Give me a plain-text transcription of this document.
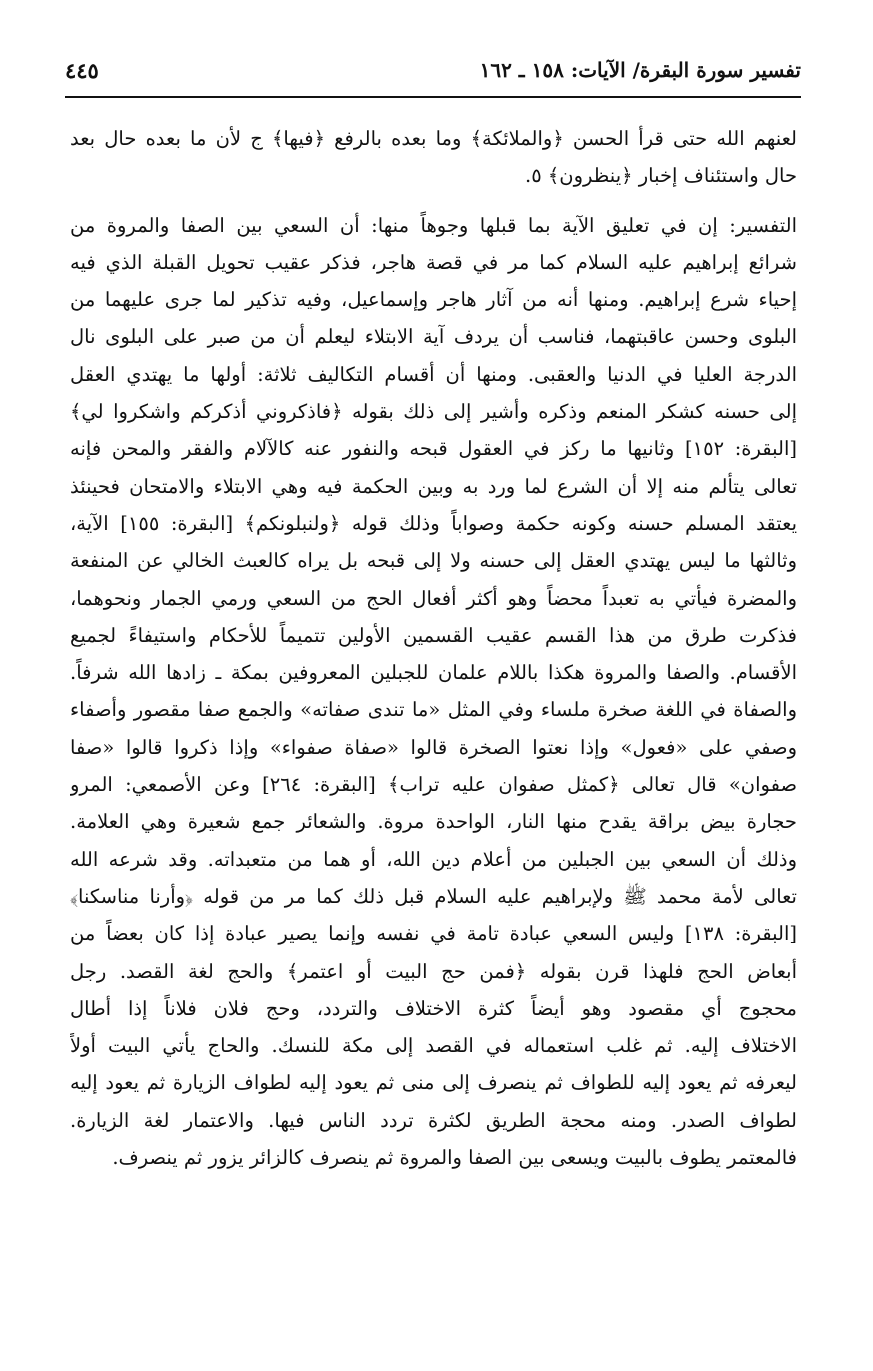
تفسير سورة البقرة/ الآيات: ١٥٨ ـ ١٦٢
٤٤٥
لعنهم الله حتى قرأ الحسن ﴿والملائكة﴾ وما بعده بالرفع ﴿فيها﴾ ج لأن ما بعده حال بعد
حال واستئناف إخبار ﴿ينظرون﴾ ٥.
التفسير: إن في تعليق الآية بما قبلها وجوهاً منها: أن السعي بين الصفا والمروة من
شرائع إبراهيم عليه السلام كما مر في قصة هاجر، فذكر عقيب تحويل القبلة الذي فيه
إحياء شرع إبراهيم. ومنها أنه من آثار هاجر وإسماعيل، وفيه تذكير لما جرى عليهما من
البلوى وحسن عاقبتهما، فناسب أن يردف آية الابتلاء ليعلم أن من صبر على البلوى نال
الدرجة العليا في الدنيا والعقبى. ومنها أن أقسام التكاليف ثلاثة: أولها ما يهتدي العقل
إلى حسنه كشكر المنعم وذكره وأشير إلى ذلك بقوله ﴿فاذكروني أذكركم واشكروا لي﴾
[البقرة: ١٥٢] وثانيها ما ركز في العقول قبحه والنفور عنه كالآلام والفقر والمحن فإنه
تعالى يتألم منه إلا أن الشرع لما ورد به وبين الحكمة فيه وهي الابتلاء والامتحان فحينئذ
يعتقد المسلم حسنه وكونه حكمة وصواباً وذلك قوله ﴿ولنبلونكم﴾ [البقرة: ١٥٥] الآية،
وثالثها ما ليس يهتدي العقل إلى حسنه ولا إلى قبحه بل يراه كالعبث الخالي عن المنفعة
والمضرة فيأتي به تعبداً محضاً وهو أكثر أفعال الحج من السعي ورمي الجمار ونحوهما،
فذكرت طرق من هذا القسم عقيب القسمين الأولين تتميماً للأحكام واستيفاءً لجميع
الأقسام. والصفا والمروة هكذا باللام علمان للجبلين المعروفين بمكة ـ زادها الله شرفاً.
والصفاة في اللغة صخرة ملساء وفي المثل «ما تندى صفاته» والجمع صفا مقصور وأصفاء
وصفي على «فعول» وإذا نعتوا الصخرة قالوا «صفاة صفواء» وإذا ذكروا قالوا «صفا
صفوان» قال تعالى ﴿كمثل صفوان عليه تراب﴾ [البقرة: ٢٦٤] وعن الأصمعي: المرو
حجارة بيض براقة يقدح منها النار، الواحدة مروة. والشعائر جمع شعيرة وهي العلامة.
وذلك أن السعي بين الجبلين من أعلام دين الله، أو هما من متعبداته. وقد شرعه الله
تعالى لأمة محمد ﷺ ولإبراهيم عليه السلام قبل ذلك كما مر من قوله ﴿وأرنا مناسكنا﴾
[البقرة: ١٣٨] وليس السعي عبادة تامة في نفسه وإنما يصير عبادة إذا كان بعضاً من
أبعاض الحج فلهذا قرن بقوله ﴿فمن حج البيت أو اعتمر﴾ والحج لغة القصد. رجل
محجوج أي مقصود وهو أيضاً كثرة الاختلاف والتردد، وحج فلان فلاناً إذا أطال
الاختلاف إليه. ثم غلب استعماله في القصد إلى مكة للنسك. والحاج يأتي البيت أولاً
ليعرفه ثم يعود إليه للطواف ثم ينصرف إلى منى ثم يعود إليه لطواف الزيارة ثم يعود إليه
لطواف الصدر. ومنه محجة الطريق لكثرة تردد الناس فيها. والاعتمار لغة الزيارة.
فالمعتمر يطوف بالبيت ويسعى بين الصفا والمروة ثم ينصرف كالزائر يزور ثم ينصرف.
